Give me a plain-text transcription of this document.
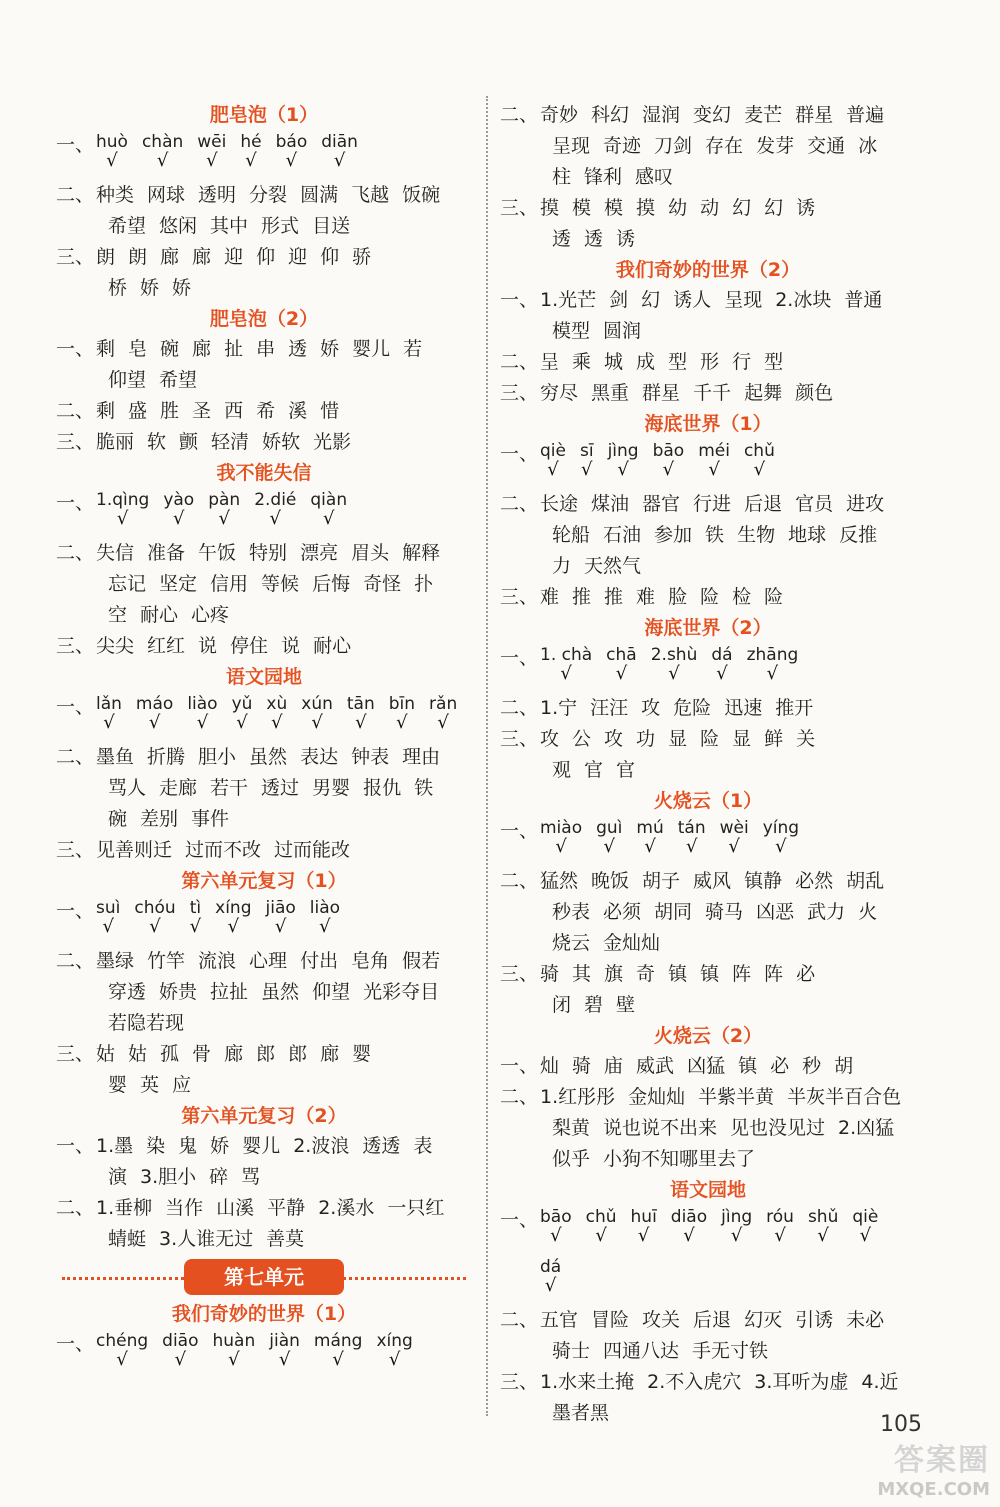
肥皂泡（1）
一、 huò
√
chàn
√
wēi
√
hé
√
báo
√
diān
√
二、 种类 网球 透明 分裂 圆满 飞越 饭碗
希望 悠闲 其中 形式 目送
三、 朗 朗 廊 廊 迎 仰 迎 仰 骄
桥 娇 娇
肥皂泡（2）
一、 剩 皂 碗 廊 扯 串 透 娇 婴儿 若
仰望 希望
二、 剩 盛 胜 圣 西 希 溪 惜
三、 脆丽 软 颤 轻清 娇软 光影
我不能失信
一、 1.qìng
√
yào
√
pàn
√
2.dié
√
qiàn
√
二、 失信 准备 午饭 特别 漂亮 眉头 解释
忘记 坚定 信用 等候 后悔 奇怪 扑
空 耐心 心疼
三、 尖尖 红红 说 停住 说 耐心
语文园地
一、 lǎn
√
máo
√
liào
√
yǔ
√
xù
√
xún
√
tān
√
bīn
√
rǎn
√
二、 墨鱼 折腾 胆小 虽然 表达 钟表 理由
骂人 走廊 若干 透过 男婴 报仇 铁
碗 差别 事件
三、 见善则迁 过而不改 过而能改
第六单元复习（1）
一、 suì
√
chóu
√
tì
√
xíng
√
jiāo
√
liào
√
二、 墨绿 竹竿 流浪 心理 付出 皂角 假若
穿透 娇贵 拉扯 虽然 仰望 光彩夺目
若隐若现
三、 姑 姑 孤 骨 廊 郎 郎 廊 婴
婴 英 应
第六单元复习（2）
一、 1.墨 染 鬼 娇 婴儿 2.波浪 透透 表
演 3.胆小 碎 骂
二、 1.垂柳 当作 山溪 平静 2.溪水 一只红
蜻蜓 3.人谁无过 善莫
第七单元
我们奇妙的世界（1）
一、 chéng
√
diāo
√
huàn
√
jiàn
√
máng
√
xíng
√
二、 奇妙 科幻 湿润 变幻 麦芒 群星 普遍
呈现 奇迹 刀剑 存在 发芽 交通 冰
柱 锋利 感叹
三、 摸 模 模 摸 幼 动 幻 幻 诱
透 透 诱
我们奇妙的世界（2）
一、 1.光芒 剑 幻 诱人 呈现 2.冰块 普通
模型 圆润
二、 呈 乘 城 成 型 形 行 型
三、 穷尽 黑重 群星 千千 起舞 颜色
海底世界（1）
一、 qiè
√
sī
√
jìng
√
bāo
√
méi
√
chǔ
√
二、 长途 煤油 器官 行进 后退 官员 进攻
轮船 石油 参加 铁 生物 地球 反推
力 天然气
三、 难 推 推 难 脸 险 检 险
海底世界（2）
一、 1. chà
√
chā
√
2.shù
√
dá
√
zhāng
√
二、 1.宁 汪汪 攻 危险 迅速 推开
三、 攻 公 攻 功 显 险 显 鲜 关
观 官 官
火烧云（1）
一、 miào
√
guì
√
mú
√
tán
√
wèi
√
yíng
√
二、 猛然 晚饭 胡子 威风 镇静 必然 胡乱
秒表 必须 胡同 骑马 凶恶 武力 火
烧云 金灿灿
三、 骑 其 旗 奇 镇 镇 阵 阵 必
闭 碧 壁
火烧云（2）
一、 灿 骑 庙 威武 凶猛 镇 必 秒 胡
二、 1.红彤彤 金灿灿 半紫半黄 半灰半百合色
梨黄 说也说不出来 见也没见过 2.凶猛
似乎 小狗不知哪里去了
语文园地
一、 bāo
√
chǔ
√
huī
√
diāo
√
jìng
√
róu
√
shǔ
√
qiè
√
dá
√
二、 五官 冒险 攻关 后退 幻灭 引诱 未必
骑士 四通八达 手无寸铁
三、 1.水来土掩 2.不入虎穴 3.耳听为虚 4.近
墨者黑	105
答案圈
MXQE.COM
